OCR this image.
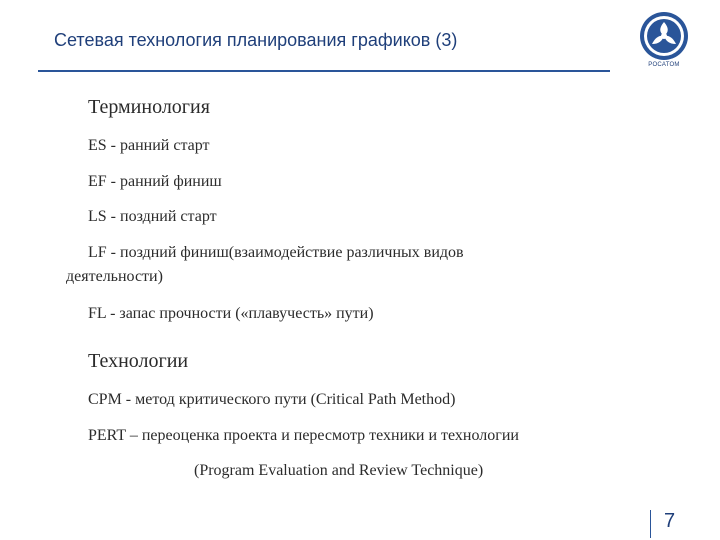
Сетевая технология планирования графиков (3)
РОСАТОМ
Терминология
ES - ранний старт
EF - ранний финиш
LS - поздний старт
LF - поздний финиш(взаимодействие различных видов
деятельности)
FL - запас прочности («плавучесть» пути)
Технологии
CPM - метод критического пути (Critical Path Method)
PERT – переоценка проекта и пересмотр техники и технологии
(Program Evaluation and Review Technique)
7
